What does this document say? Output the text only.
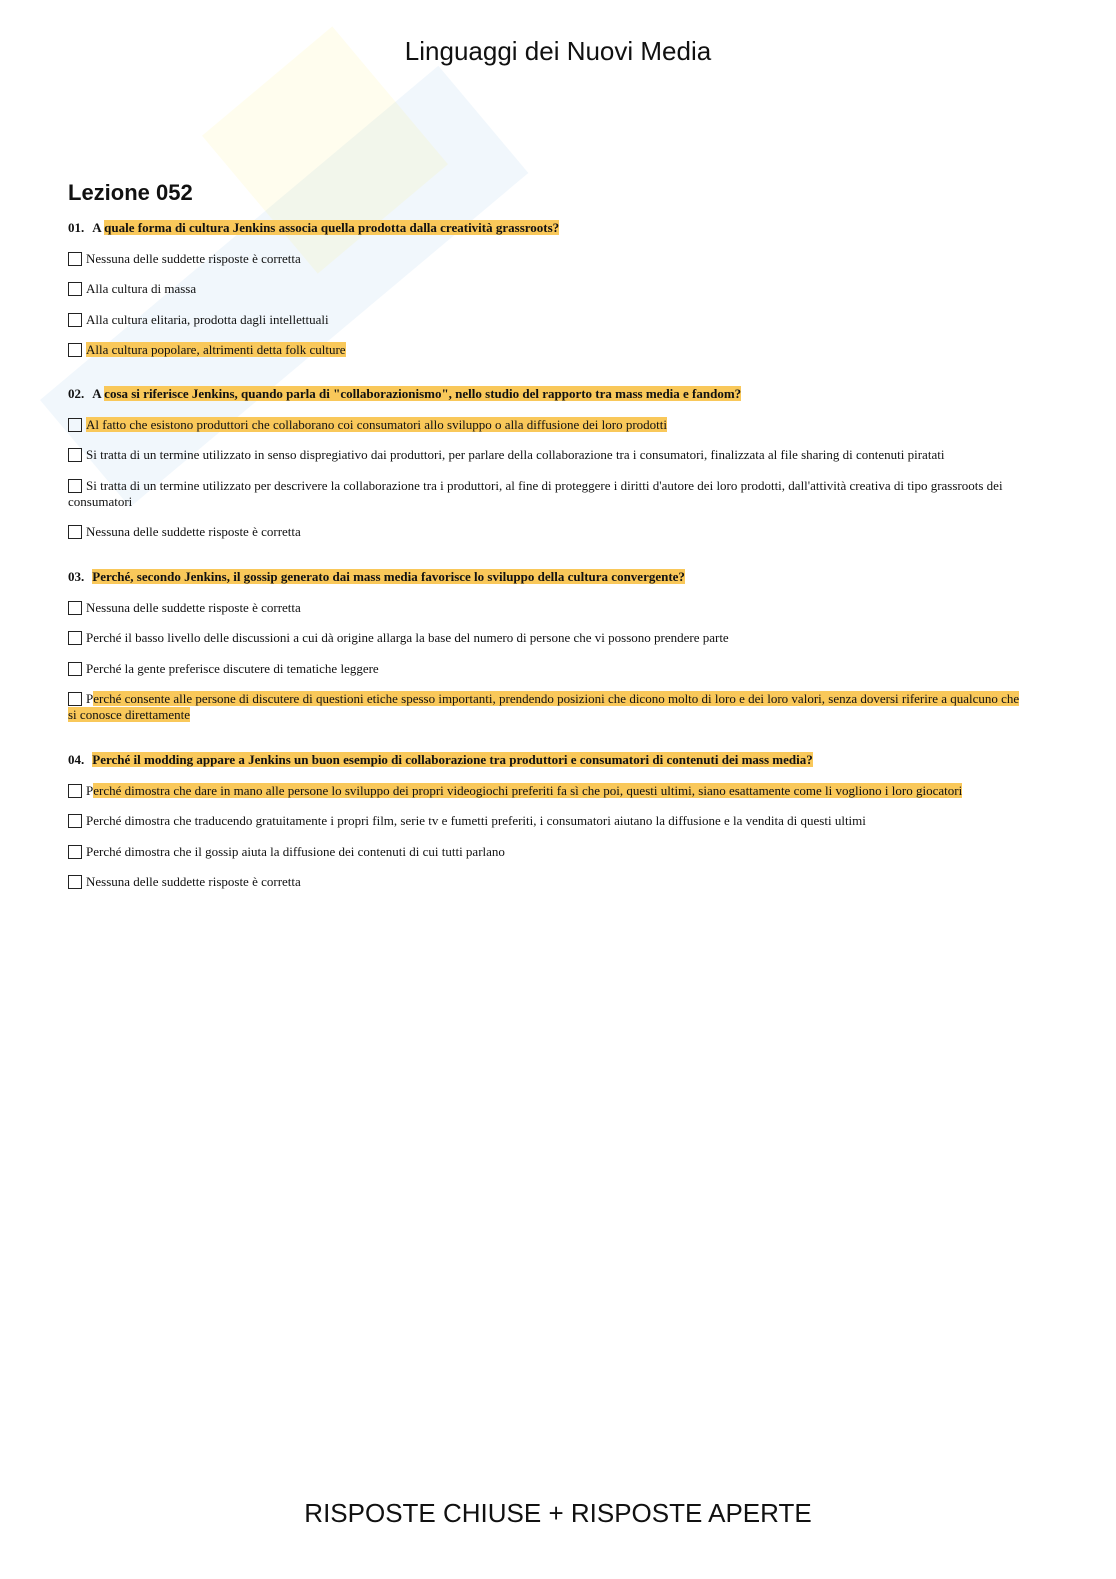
Linguaggi dei Nuovi Media
Lezione 052
01. A quale forma di cultura Jenkins associa quella prodotta dalla creatività grassroots?
Nessuna delle suddette risposte è corretta
Alla cultura di massa
Alla cultura elitaria, prodotta dagli intellettuali
Alla cultura popolare, altrimenti detta folk culture
02. A cosa si riferisce Jenkins, quando parla di "collaborazionismo", nello studio del rapporto tra mass media e fandom?
Al fatto che esistono produttori che collaborano coi consumatori allo sviluppo o alla diffusione dei loro prodotti
Si tratta di un termine utilizzato in senso dispregiativo dai produttori, per parlare della collaborazione tra i consumatori, finalizzata al file sharing di contenuti piratati
Si tratta di un termine utilizzato per descrivere la collaborazione tra i produttori, al fine di proteggere i diritti d'autore dei loro prodotti, dall'attività creativa di tipo grassroots dei consumatori
Nessuna delle suddette risposte è corretta
03. Perché, secondo Jenkins, il gossip generato dai mass media favorisce lo sviluppo della cultura convergente?
Nessuna delle suddette risposte è corretta
Perché il basso livello delle discussioni a cui dà origine allarga la base del numero di persone che vi possono prendere parte
Perché la gente preferisce discutere di tematiche leggere
Perché consente alle persone di discutere di questioni etiche spesso importanti, prendendo posizioni che dicono molto di loro e dei loro valori, senza doversi riferire a qualcuno che si conosce direttamente
04. Perché il modding appare a Jenkins un buon esempio di collaborazione tra produttori e consumatori di contenuti dei mass media?
Perché dimostra che dare in mano alle persone lo sviluppo dei propri videogiochi preferiti fa sì che poi, questi ultimi, siano esattamente come li vogliono i loro giocatori
Perché dimostra che traducendo gratuitamente i propri film, serie tv e fumetti preferiti, i consumatori aiutano la diffusione e la vendita di questi ultimi
Perché dimostra che il gossip aiuta la diffusione dei contenuti di cui tutti parlano
Nessuna delle suddette risposte è corretta
RISPOSTE CHIUSE + RISPOSTE APERTE
